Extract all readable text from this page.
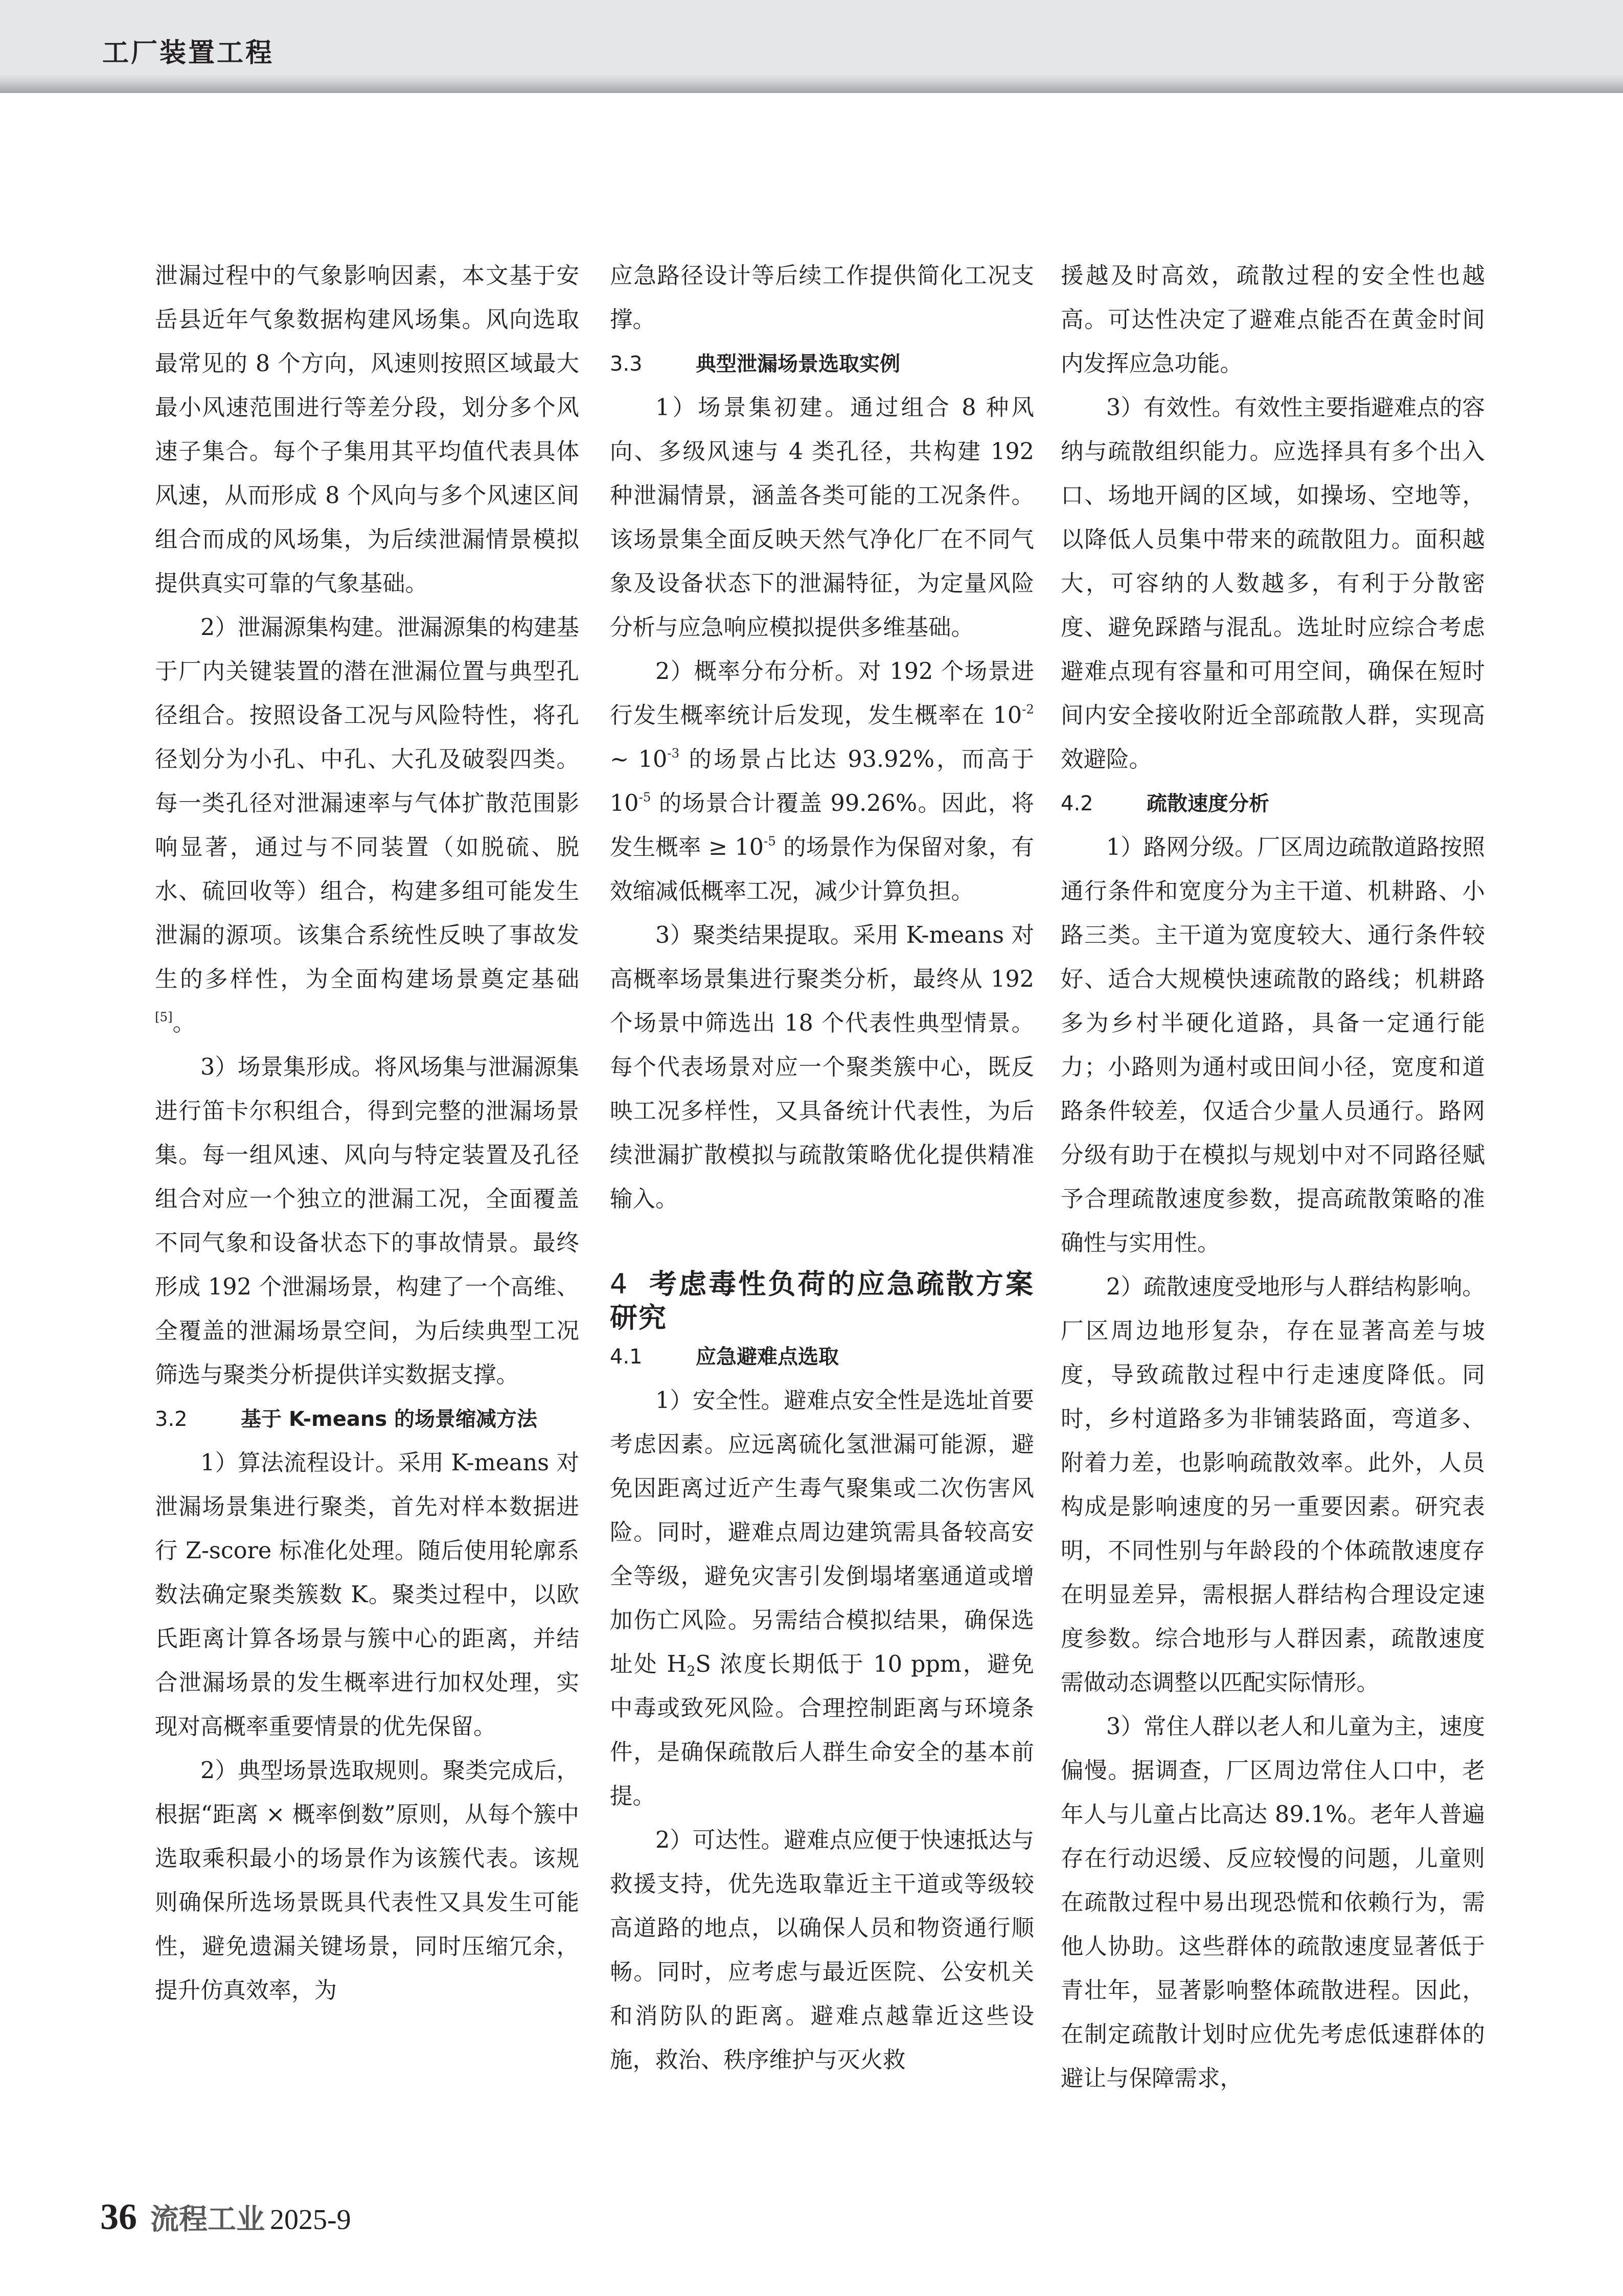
工厂装置工程

泄漏过程中的气象影响因素，本文基于安岳县近年气象数据构建风场集。风向选取最常见的 8 个方向，风速则按照区域最大最小风速范围进行等差分段，划分多个风速子集合。每个子集用其平均值代表具体风速，从而形成 8 个风向与多个风速区间组合而成的风场集，为后续泄漏情景模拟提供真实可靠的气象基础。

2）泄漏源集构建。泄漏源集的构建基于厂内关键装置的潜在泄漏位置与典型孔径组合。按照设备工况与风险特性，将孔径划分为小孔、中孔、大孔及破裂四类。每一类孔径对泄漏速率与气体扩散范围影响显著，通过与不同装置（如脱硫、脱水、硫回收等）组合，构建多组可能发生泄漏的源项。该集合系统性反映了事故发生的多样性，为全面构建场景奠定基础[5]。

3）场景集形成。将风场集与泄漏源集进行笛卡尔积组合，得到完整的泄漏场景集。每一组风速、风向与特定装置及孔径组合对应一个独立的泄漏工况，全面覆盖不同气象和设备状态下的事故情景。最终形成 192 个泄漏场景，构建了一个高维、全覆盖的泄漏场景空间，为后续典型工况筛选与聚类分析提供详实数据支撑。

3.2	基于 K-means 的场景缩减方法

1）算法流程设计。采用 K-means 对泄漏场景集进行聚类，首先对样本数据进行 Z-score 标准化处理。随后使用轮廓系数法确定聚类簇数 K。聚类过程中，以欧氏距离计算各场景与簇中心的距离，并结合泄漏场景的发生概率进行加权处理，实现对高概率重要情景的优先保留。

2）典型场景选取规则。聚类完成后，根据“距离 × 概率倒数”原则，从每个簇中选取乘积最小的场景作为该簇代表。该规则确保所选场景既具代表性又具发生可能性，避免遗漏关键场景，同时压缩冗余，提升仿真效率，为

应急路径设计等后续工作提供简化工况支撑。

3.3	典型泄漏场景选取实例

1）场景集初建。通过组合 8 种风向、多级风速与 4 类孔径，共构建 192 种泄漏情景，涵盖各类可能的工况条件。该场景集全面反映天然气净化厂在不同气象及设备状态下的泄漏特征，为定量风险分析与应急响应模拟提供多维基础。

2）概率分布分析。对 192 个场景进行发生概率统计后发现，发生概率在 $10^{-2}$ ~ $10^{-3}$ 的场景占比达 93.92%，而高于 $10^{-5}$ 的场景合计覆盖 99.26%。因此，将发生概率 ≥ $10^{-5}$ 的场景作为保留对象，有效缩减低概率工况，减少计算负担。

3）聚类结果提取。采用 K-means 对高概率场景集进行聚类分析，最终从 192 个场景中筛选出 18 个代表性典型情景。每个代表场景对应一个聚类簇中心，既反映工况多样性，又具备统计代表性，为后续泄漏扩散模拟与疏散策略优化提供精准输入。

4 考虑毒性负荷的应急疏散方案研究
4.1	应急避难点选取

1）安全性。避难点安全性是选址首要考虑因素。应远离硫化氢泄漏可能源，避免因距离过近产生毒气聚集或二次伤害风险。同时，避难点周边建筑需具备较高安全等级，避免灾害引发倒塌堵塞通道或增加伤亡风险。另需结合模拟结果，确保选址处 $H_2S$ 浓度长期低于 10 ppm，避免中毒或致死风险。合理控制距离与环境条件，是确保疏散后人群生命安全的基本前提。

2）可达性。避难点应便于快速抵达与救援支持，优先选取靠近主干道或等级较高道路的地点，以确保人员和物资通行顺畅。同时，应考虑与最近医院、公安机关和消防队的距离。避难点越靠近这些设施，救治、秩序维护与灭火救

援越及时高效，疏散过程的安全性也越高。可达性决定了避难点能否在黄金时间内发挥应急功能。

3）有效性。有效性主要指避难点的容纳与疏散组织能力。应选择具有多个出入口、场地开阔的区域，如操场、空地等，以降低人员集中带来的疏散阻力。面积越大，可容纳的人数越多，有利于分散密度、避免踩踏与混乱。选址时应综合考虑避难点现有容量和可用空间，确保在短时间内安全接收附近全部疏散人群，实现高效避险。

4.2	疏散速度分析

1）路网分级。厂区周边疏散道路按照通行条件和宽度分为主干道、机耕路、小路三类。主干道为宽度较大、通行条件较好、适合大规模快速疏散的路线；机耕路多为乡村半硬化道路，具备一定通行能力；小路则为通村或田间小径，宽度和道路条件较差，仅适合少量人员通行。路网分级有助于在模拟与规划中对不同路径赋予合理疏散速度参数，提高疏散策略的准确性与实用性。

2）疏散速度受地形与人群结构影响。厂区周边地形复杂，存在显著高差与坡度，导致疏散过程中行走速度降低。同时，乡村道路多为非铺装路面，弯道多、附着力差，也影响疏散效率。此外，人员构成是影响速度的另一重要因素。研究表明，不同性别与年龄段的个体疏散速度存在明显差异，需根据人群结构合理设定速度参数。综合地形与人群因素，疏散速度需做动态调整以匹配实际情形。

3）常住人群以老人和儿童为主，速度偏慢。据调查，厂区周边常住人口中，老年人与儿童占比高达 89.1%。老年人普遍存在行动迟缓、反应较慢的问题，儿童则在疏散过程中易出现恐慌和依赖行为，需他人协助。这些群体的疏散速度显著低于青壮年，显著影响整体疏散进程。因此，在制定疏散计划时应优先考虑低速群体的避让与保障需求，

36 流程工业 2025-9
